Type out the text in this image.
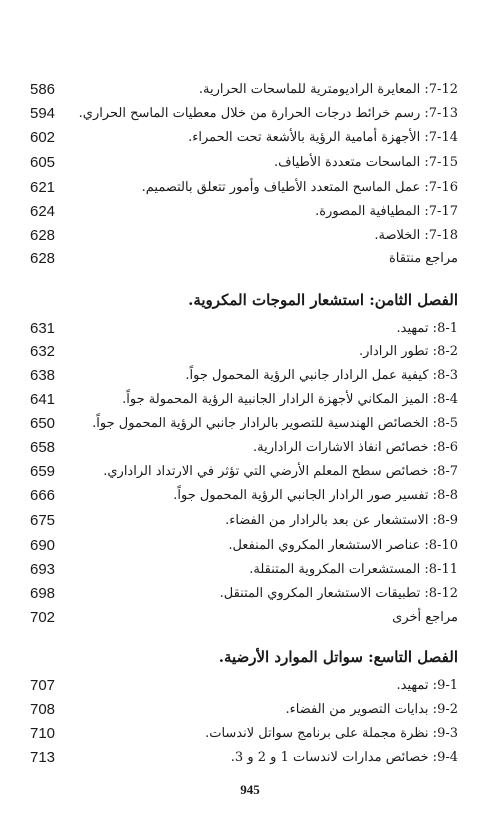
586	7-12: المعايرة الراديومترية للماسحات الحرارية.
594	7-13: رسم خرائط درجات الحرارة من خلال معطيات الماسح الحراري.
602	7-14: الأجهزة أمامية الرؤية بالأشعة تحت الحمراء.
605	7-15: الماسحات متعددة الأطياف.
621	7-16: عمل الماسح المتعدد الأطياف وأمور تتعلق بالتصميم.
624	7-17: المطيافية المصورة.
628	7-18: الخلاصة.
628	مراجع منتقاة
الفصل الثامن: استشعار الموجات المكروية.
631	8-1: تمهيد.
632	8-2: تطور الرادار.
638	8-3: كيفية عمل الرادار جانبي الرؤية المحمول جواً.
641	8-4: الميز المكاني لأجهزة الرادار الجانبية الرؤية المحمولة جواً.
650	8-5: الخصائص الهندسية للتصوير بالرادار جانبي الرؤية المحمول جواً.
658	8-6: خصائص انفاذ الاشارات الرادارية.
659	8-7: خصائص سطح المعلم الأرضي التي تؤثر في الارتداد الراداري.
666	8-8: تفسير صور الرادار الجانبي الرؤية المحمول جواً.
675	8-9: الاستشعار عن بعد بالرادار من الفضاء.
690	8-10: عناصر الاستشعار المكروي المنفعل.
693	8-11: المستشعرات المكروية المتنقلة.
698	8-12: تطبيقات الاستشعار المكروي المتنقل.
702	مراجع أخرى
الفصل التاسع: سواتل الموارد الأرضية.
707	9-1: تمهيد.
708	9-2: بدايات التصوير من الفضاء.
710	9-3: نظرة مجملة على برنامج سواتل لاندسات.
713	9-4: خصائص مدارات لاندسات 1 و 2 و 3.
945
